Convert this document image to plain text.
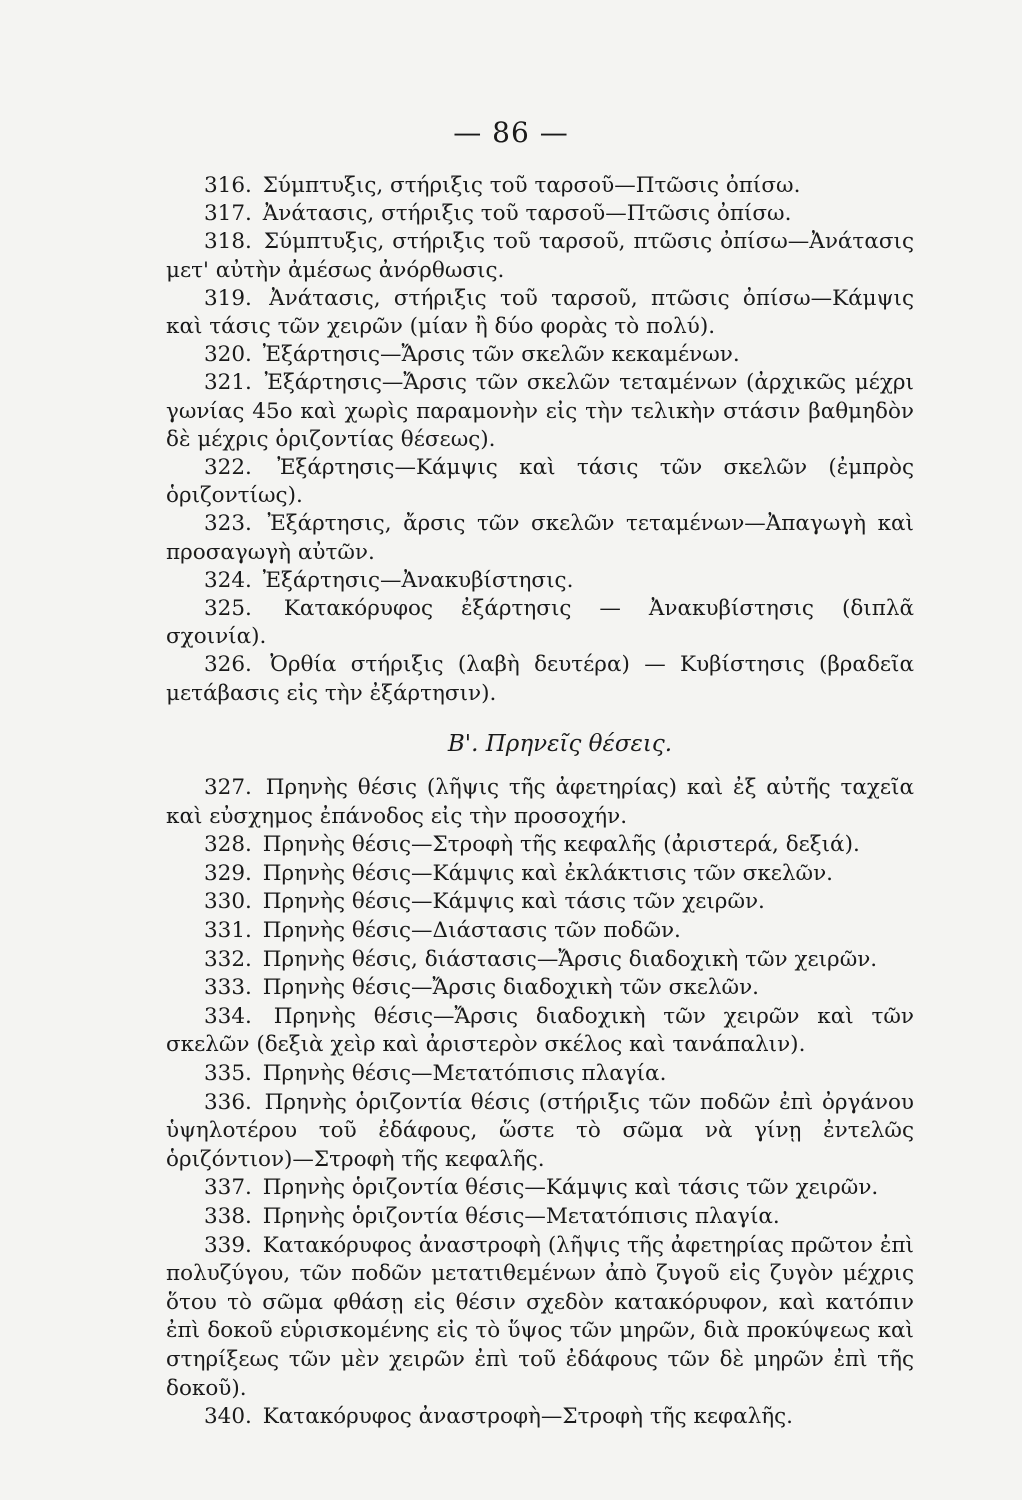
— 86 —

316. Σύμπτυξις, στήριξις τοῦ ταρσοῦ—Πτῶσις ὀπίσω.

317. Ἀνάτασις, στήριξις τοῦ ταρσοῦ—Πτῶσις ὀπίσω.

318. Σύμπτυξις, στήριξις τοῦ ταρσοῦ, πτῶσις ὀπίσω—Ἀνάτασις μετ' αὐτὴν ἀμέσως ἀνόρθωσις.

319. Ἀνάτασις, στήριξις τοῦ ταρσοῦ, πτῶσις ὀπίσω—Κάμψις καὶ τάσις τῶν χειρῶν (μίαν ἢ δύο φορὰς τὸ πολύ).

320. Ἐξάρτησις—Ἄρσις τῶν σκελῶν κεκαμένων.

321. Ἐξάρτησις—Ἄρσις τῶν σκελῶν τεταμένων (ἀρχικῶς μέχρι γωνίας 45ο καὶ χωρὶς παραμονὴν εἰς τὴν τελικὴν στάσιν βαθμηδὸν δὲ μέχρις ὁριζοντίας θέσεως).

322. Ἐξάρτησις—Κάμψις καὶ τάσις τῶν σκελῶν (ἐμπρὸς ὁριζοντίως).

323. Ἐξάρτησις, ἄρσις τῶν σκελῶν τεταμένων—Ἀπαγωγὴ καὶ προσαγωγὴ αὐτῶν.

324. Ἐξάρτησις—Ἀνακυβίστησις.

325. Κατακόρυφος ἐξάρτησις — Ἀνακυβίστησις (διπλᾶ σχοινία).

326. Ὀρθία στήριξις (λαβὴ δευτέρα) — Κυβίστησις (βραδεῖα μετάβασις εἰς τὴν ἐξάρτησιν).

Β'. Πρηνεῖς θέσεις.

327. Πρηνὴς θέσις (λῆψις τῆς ἀφετηρίας) καὶ ἐξ αὐτῆς ταχεῖα καὶ εὐσχημος ἐπάνοδος εἰς τὴν προσοχήν.

328. Πρηνὴς θέσις—Στροφὴ τῆς κεφαλῆς (ἀριστερά, δεξιά).

329. Πρηνὴς θέσις—Κάμψις καὶ ἐκλάκτισις τῶν σκελῶν.

330. Πρηνὴς θέσις—Κάμψις καὶ τάσις τῶν χειρῶν.

331. Πρηνὴς θέσις—Διάστασις τῶν ποδῶν.

332. Πρηνὴς θέσις, διάστασις—Ἄρσις διαδοχικὴ τῶν χειρῶν.

333. Πρηνὴς θέσις—Ἄρσις διαδοχικὴ τῶν σκελῶν.

334. Πρηνὴς θέσις—Ἄρσις διαδοχικὴ τῶν χειρῶν καὶ τῶν σκελῶν (δεξιὰ χεὶρ καὶ ἀριστερὸν σκέλος καὶ τανάπαλιν).

335. Πρηνὴς θέσις—Μετατόπισις πλαγία.

336. Πρηνὴς ὁριζοντία θέσις (στήριξις τῶν ποδῶν ἐπὶ ὀργάνου ὑψηλοτέρου τοῦ ἐδάφους, ὥστε τὸ σῶμα νὰ γίνῃ ἐντελῶς ὁριζόντιον)—Στροφὴ τῆς κεφαλῆς.

337. Πρηνὴς ὁριζοντία θέσις—Κάμψις καὶ τάσις τῶν χειρῶν.

338. Πρηνὴς ὁριζοντία θέσις—Μετατόπισις πλαγία.

339. Κατακόρυφος ἀναστροφὴ (λῆψις τῆς ἀφετηρίας πρῶτον ἐπὶ πολυζύγου, τῶν ποδῶν μετατιθεμένων ἀπὸ ζυγοῦ εἰς ζυγὸν μέχρις ὅτου τὸ σῶμα φθάσῃ εἰς θέσιν σχεδὸν κατακόρυφον, καὶ κατόπιν ἐπὶ δοκοῦ εὑρισκομένης εἰς τὸ ὕψος τῶν μηρῶν, διὰ προκύψεως καὶ στηρίξεως τῶν μὲν χειρῶν ἐπὶ τοῦ ἐδάφους τῶν δὲ μηρῶν ἐπὶ τῆς δοκοῦ).

340. Κατακόρυφος ἀναστροφὴ—Στροφὴ τῆς κεφαλῆς.
